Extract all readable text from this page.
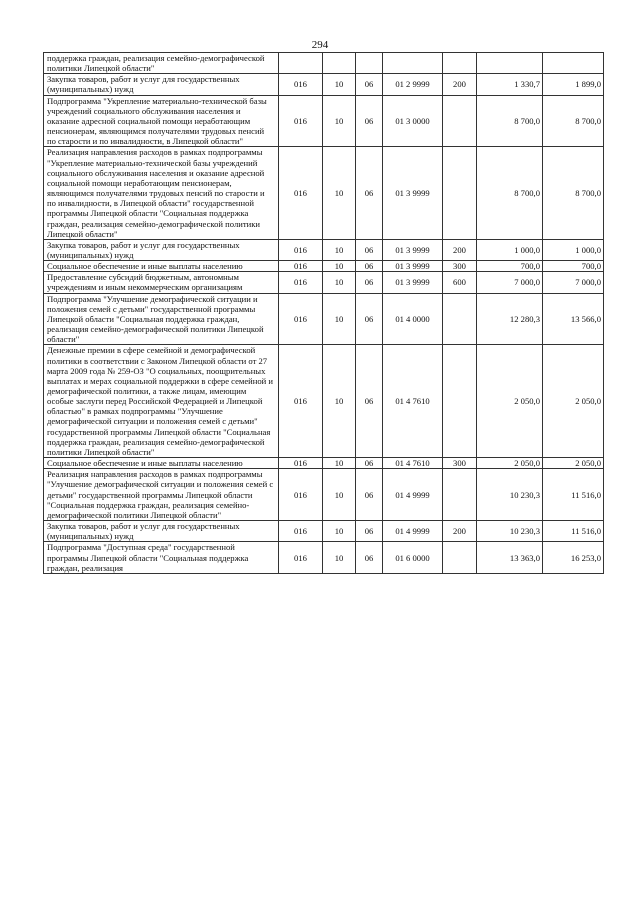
294
поддержка граждан, реализация семейно-демографической политики Липецкой области"							
Закупка товаров, работ и услуг для государственных (муниципальных) нужд	016	10	06	01 2 9999	200	1 330,7	1 899,0
Подпрограмма "Укрепление материально-технической базы учреждений социального обслуживания населения и оказание адресной социальной помощи неработающим пенсионерам, являющимся получателями трудовых пенсий по старости и по инвалидности, в Липецкой области"	016	10	06	01 3 0000		8 700,0	8 700,0
Реализация направления расходов в рамках подпрограммы "Укрепление материально-технической базы учреждений социального обслуживания населения и оказание адресной социальной помощи неработающим пенсионерам, являющимся получателями трудовых пенсий по старости и по инвалидности, в Липецкой области" государственной программы Липецкой области "Социальная поддержка граждан, реализация семейно-демографической политики Липецкой области"	016	10	06	01 3 9999		8 700,0	8 700,0
Закупка товаров, работ и услуг для государственных (муниципальных) нужд	016	10	06	01 3 9999	200	1 000,0	1 000,0
Социальное обеспечение и иные выплаты населению	016	10	06	01 3 9999	300	700,0	700,0
Предоставление субсидий бюджетным, автономным учреждениям и иным некоммерческим организациям	016	10	06	01 3 9999	600	7 000,0	7 000,0
Подпрограмма "Улучшение демографической ситуации и положения семей с детьми" государственной программы Липецкой области "Социальная поддержка граждан, реализация семейно-демографической политики Липецкой области"	016	10	06	01 4 0000		12 280,3	13 566,0
Денежные премии в сфере семейной и демографической политики в соответствии с Законом Липецкой области от 27 марта 2009 года № 259-ОЗ "О социальных, поощрительных выплатах и мерах социальной поддержки в сфере семейной и демографической политики, а также лицам, имеющим особые заслуги перед Российской Федерацией и Липецкой областью" в рамках подпрограммы "Улучшение демографической ситуации и положения семей с детьми" государственной программы Липецкой области "Социальная поддержка граждан, реализация семейно-демографической политики Липецкой области"	016	10	06	01 4 7610		2 050,0	2 050,0
Социальное обеспечение и иные выплаты населению	016	10	06	01 4 7610	300	2 050,0	2 050,0
Реализация направления расходов в рамках подпрограммы "Улучшение демографической ситуации и положения семей с детьми" государственной программы Липецкой области "Социальная поддержка граждан, реализация семейно-демографической политики Липецкой области"	016	10	06	01 4 9999		10 230,3	11 516,0
Закупка товаров, работ и услуг для государственных (муниципальных) нужд	016	10	06	01 4 9999	200	10 230,3	11 516,0
Подпрограмма "Доступная среда" государственной программы Липецкой области "Социальная поддержка граждан, реализация	016	10	06	01 6 0000		13 363,0	16 253,0
